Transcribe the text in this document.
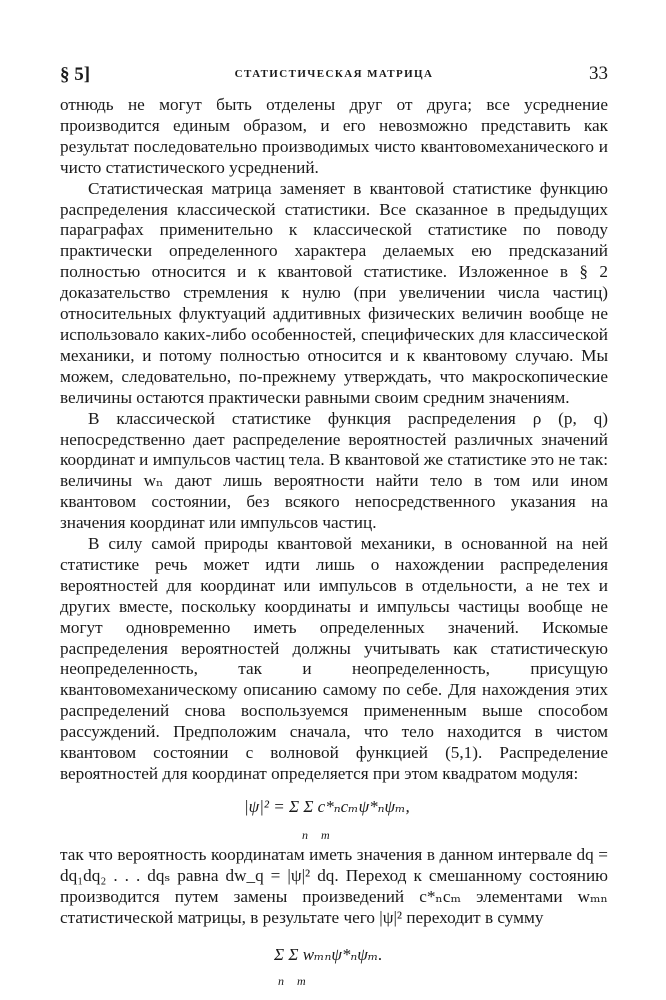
§ 5]	СТАТИСТИЧЕСКАЯ МАТРИЦА	33

отнюдь не могут быть отделены друг от друга; все усреднение производится единым образом, и его невозможно представить как результат последовательно производимых чисто квантовомеханического и чисто статистического усреднений.

Статистическая матрица заменяет в квантовой статистике функцию распределения классической статистики. Все сказанное в предыдущих параграфах применительно к классической статистике по поводу практически определенного характера делаемых ею предсказаний полностью относится и к квантовой статистике. Изложенное в § 2 доказательство стремления к нулю (при увеличении числа частиц) относительных флуктуаций аддитивных физических величин вообще не использовало каких-либо особенностей, специфических для классической механики, и потому полностью относится и к квантовому случаю. Мы можем, следовательно, по-прежнему утверждать, что макроскопические величины остаются практически равными своим средним значениям.

В классической статистике функция распределения ρ (p, q) непосредственно дает распределение вероятностей различных значений координат и импульсов частиц тела. В квантовой же статистике это не так: величины wₙ дают лишь вероятности найти тело в том или ином квантовом состоянии, без всякого непосредственного указания на значения координат или импульсов частиц.

В силу самой природы квантовой механики, в основанной на ней статистике речь может идти лишь о нахождении распределения вероятностей для координат или импульсов в отдельности, а не тех и других вместе, поскольку координаты и импульсы частицы вообще не могут одновременно иметь определенных значений. Искомые распределения вероятностей должны учитывать как статистическую неопределенность, так и неопределенность, присущую квантовомеханическому описанию самому по себе. Для нахождения этих распределений снова воспользуемся примененным выше способом рассуждений. Предположим сначала, что тело находится в чистом квантовом состоянии с волновой функцией (5,1). Распределение вероятностей для координат определяется при этом квадратом модуля:

|ψ|² = Σ Σ c*ₙcₘψ*ₙψₘ,
n m

так что вероятность координатам иметь значения в данном интервале dq = dq₁dq₂ . . . dqₛ равна dw_q = |ψ|² dq. Переход к смешанному состоянию производится путем замены произведений c*ₙcₘ элементами wₘₙ статистической матрицы, в результате чего |ψ|² переходит в сумму

Σ Σ wₘₙψ*ₙψₘ.
n m
